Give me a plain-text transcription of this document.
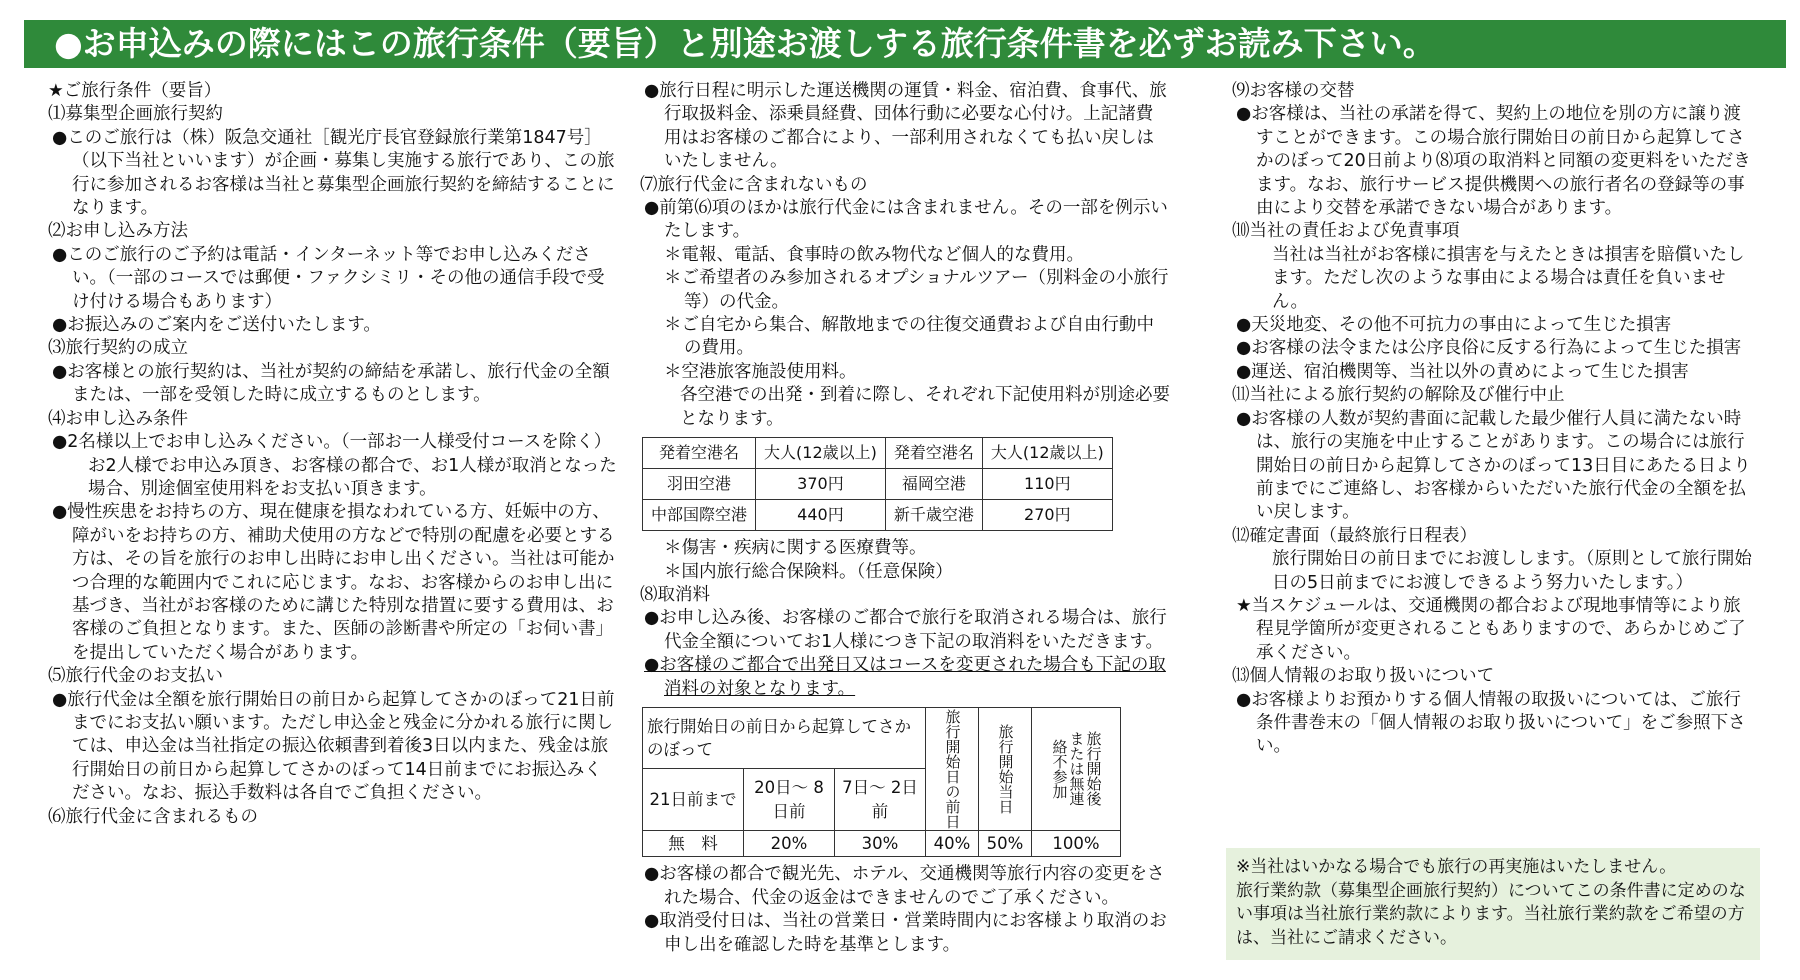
●お申込みの際にはこの旅行条件（要旨）と別途お渡しする旅行条件書を必ずお読み下さい。

★ご旅行条件（要旨）

⑴募集型企画旅行契約

●このご旅行は（株）阪急交通社［観光庁長官登録旅行業第1847号］（以下当社といいます）が企画・募集し実施する旅行であり、この旅行に参加されるお客様は当社と募集型企画旅行契約を締結することになります。

⑵お申し込み方法

●このご旅行のご予約は電話・インターネット等でお申し込みください。（一部のコースでは郵便・ファクシミリ・その他の通信手段で受け付ける場合もあります）

●お振込みのご案内をご送付いたします。

⑶旅行契約の成立

●お客様との旅行契約は、当社が契約の締結を承諾し、旅行代金の全額または、一部を受領した時に成立するものとします。

⑷お申し込み条件

●2名様以上でお申し込みください。（一部お一人様受付コースを除く）

お2人様でお申込み頂き、お客様の都合で、お1人様が取消となった場合、別途個室使用料をお支払い頂きます。

●慢性疾患をお持ちの方、現在健康を損なわれている方、妊娠中の方、障がいをお持ちの方、補助犬使用の方などで特別の配慮を必要とする方は、その旨を旅行のお申し出時にお申し出ください。当社は可能かつ合理的な範囲内でこれに応じます。なお、お客様からのお申し出に基づき、当社がお客様のために講じた特別な措置に要する費用は、お客様のご負担となります。また、医師の診断書や所定の「お伺い書」を提出していただく場合があります。

⑸旅行代金のお支払い

●旅行代金は全額を旅行開始日の前日から起算してさかのぼって21日前までにお支払い願います。ただし申込金と残金に分かれる旅行に関しては、申込金は当社指定の振込依頼書到着後3日以内また、残金は旅行開始日の前日から起算してさかのぼって14日前までにお振込みください。なお、振込手数料は各自でご負担ください。

⑹旅行代金に含まれるもの

●旅行日程に明示した運送機関の運賃・料金、宿泊費、食事代、旅行取扱料金、添乗員経費、団体行動に必要な心付け。上記諸費用はお客様のご都合により、一部利用されなくても払い戻しはいたしません。

⑺旅行代金に含まれないもの

●前第⑹項のほかは旅行代金には含まれません。その一部を例示いたします。

＊電報、電話、食事時の飲み物代など個人的な費用。

＊ご希望者のみ参加されるオプショナルツアー（別料金の小旅行等）の代金。

＊ご自宅から集合、解散地までの往復交通費および自由行動中の費用。

＊空港旅客施設使用料。

各空港での出発・到着に際し、それぞれ下記使用料が別途必要となります。

発着空港名	大人(12歳以上)	発着空港名	大人(12歳以上)
羽田空港	370円	福岡空港	110円
中部国際空港	440円	新千歳空港	270円

＊傷害・疾病に関する医療費等。

＊国内旅行総合保険料。（任意保険）

⑻取消料

●お申し込み後、お客様のご都合で旅行を取消される場合は、旅行代金全額についてお1人様につき下記の取消料をいただきます。

●お客様のご都合で出発日又はコースを変更された場合も下記の取消料の対象となります。

旅行開始日の前日から起算してさかのぼって			旅行開始日の前日	旅行開始当日	旅行開始後または無連絡不参加

21日前まで	20日〜 8日前	7日〜 2日前			
無　料	20%	30%	40%	50%	100%

●お客様の都合で観光先、ホテル、交通機関等旅行内容の変更をされた場合、代金の返金はできませんのでご了承ください。

●取消受付日は、当社の営業日・営業時間内にお客様より取消のお申し出を確認した時を基準とします。

⑼お客様の交替

●お客様は、当社の承諾を得て、契約上の地位を別の方に譲り渡すことができます。この場合旅行開始日の前日から起算してさかのぼって20日前より⑻項の取消料と同額の変更料をいただきます。なお、旅行サービス提供機関への旅行者名の登録等の事由により交替を承諾できない場合があります。

⑽当社の責任および免責事項

当社は当社がお客様に損害を与えたときは損害を賠償いたします。ただし次のような事由による場合は責任を負いません。

●天災地変、その他不可抗力の事由によって生じた損害

●お客様の法令または公序良俗に反する行為によって生じた損害

●運送、宿泊機関等、当社以外の責めによって生じた損害

⑾当社による旅行契約の解除及び催行中止

●お客様の人数が契約書面に記載した最少催行人員に満たない時は、旅行の実施を中止することがあります。この場合には旅行開始日の前日から起算してさかのぼって13日目にあたる日より前までにご連絡し、お客様からいただいた旅行代金の全額を払い戻します。

⑿確定書面（最終旅行日程表）

旅行開始日の前日までにお渡しします。（原則として旅行開始日の5日前までにお渡しできるよう努力いたします。）

★当スケジュールは、交通機関の都合および現地事情等により旅程見学箇所が変更されることもありますので、あらかじめご了承ください。

⒀個人情報のお取り扱いについて

●お客様よりお預かりする個人情報の取扱いについては、ご旅行条件書巻末の「個人情報のお取り扱いについて」をご参照下さい。

※当社はいかなる場合でも旅行の再実施はいたしません。

旅行業約款（募集型企画旅行契約）についてこの条件書に定めのない事項は当社旅行業約款によります。当社旅行業約款をご希望の方は、当社にご請求ください。
